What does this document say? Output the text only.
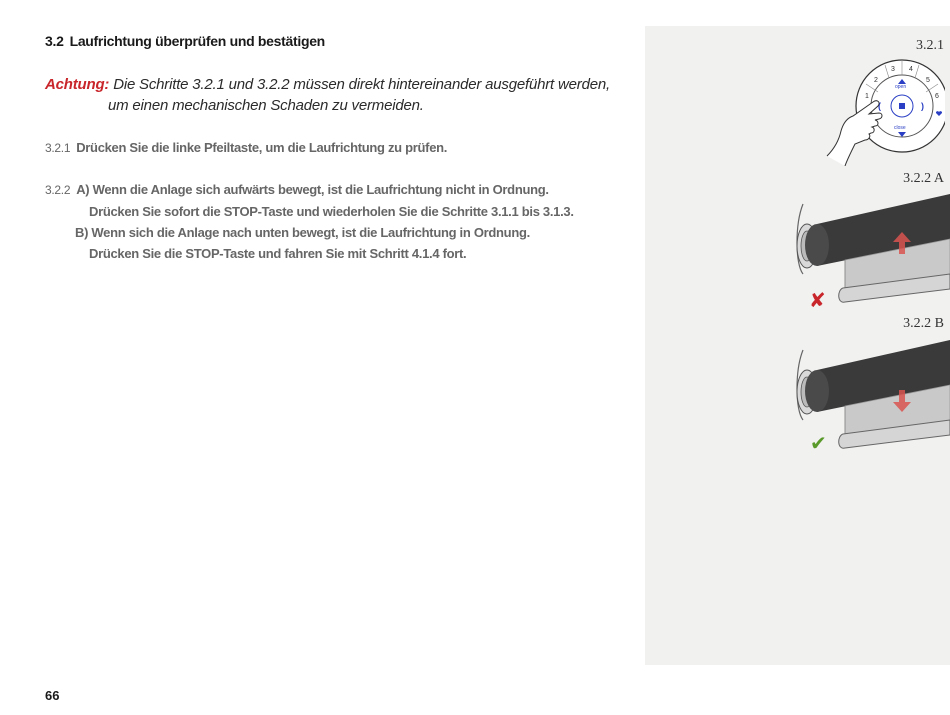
3.2 Laufrichtung überprüfen und bestätigen
Achtung: Die Schritte 3.2.1 und 3.2.2 müssen direkt hintereinander ausgeführt werden,
um einen mechanischen Schaden zu vermeiden.
3.2.1 Drücken Sie die linke Pfeiltaste, um die Laufrichtung zu prüfen.
3.2.2 A) Wenn die Anlage sich aufwärts bewegt, ist die Laufrichtung nicht in Ordnung.
Drücken Sie sofort die STOP-Taste und wiederholen Sie die Schritte 3.1.1 bis 3.1.3.
B) Wenn sich die Anlage nach unten bewegt, ist die Laufrichtung in Ordnung.
Drücken Sie die STOP-Taste und fahren Sie mit Schritt 4.1.4 fort.
3.2.1
3 4
2	5
1	6
open
close
(	)
3.2.2 A
✘
3.2.2 B
✔
66
